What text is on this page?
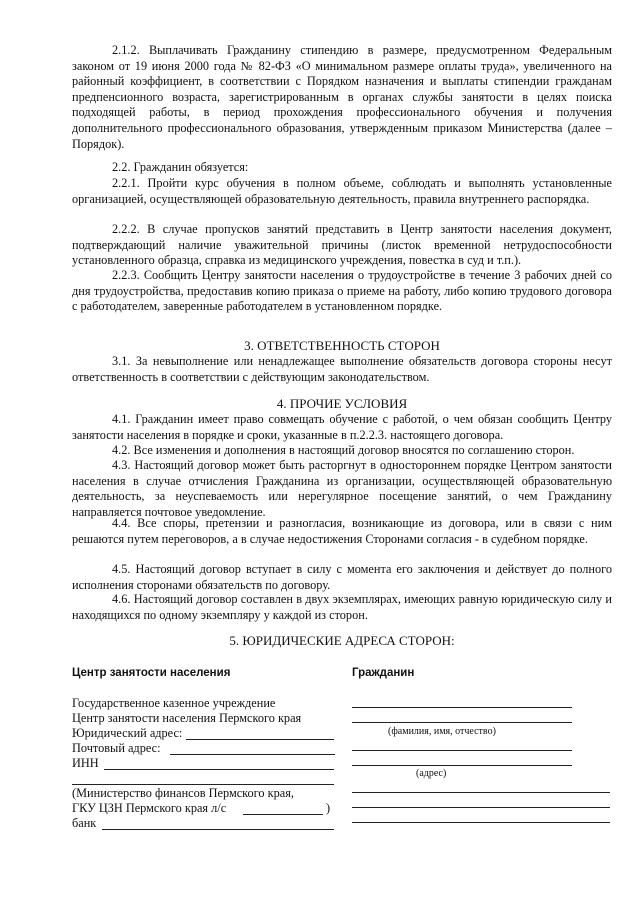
2.1.2. Выплачивать Гражданину стипендию в размере, предусмотренном Федеральным законом от 19 июня 2000 года № 82-ФЗ «О минимальном размере оплаты труда», увеличенного на районный коэффициент, в соответствии с Порядком назначения и выплаты стипендии гражданам предпенсионного возраста, зарегистрированным в органах службы занятости в целях поиска подходящей работы, в период прохождения профессионального обучения и получения дополнительного профессионального образования, утвержденным приказом Министерства (далее – Порядок).
2.2. Гражданин обязуется:
2.2.1. Пройти курс обучения в полном объеме, соблюдать и выполнять установленные организацией, осуществляющей образовательную деятельность, правила внутреннего распорядка.
2.2.2. В случае пропусков занятий представить в Центр занятости населения документ, подтверждающий наличие уважительной причины (листок временной нетрудоспособности установленного образца, справка из медицинского учреждения, повестка в суд и т.п.).
2.2.3. Сообщить Центру занятости населения о трудоустройстве в течение 3 рабочих дней со дня трудоустройства, предоставив копию приказа о приеме на работу, либо копию трудового договора с работодателем, заверенные работодателем в установленном порядке.
3. ОТВЕТСТВЕННОСТЬ СТОРОН
3.1. За невыполнение или ненадлежащее выполнение обязательств договора стороны несут ответственность в соответствии с действующим законодательством.
4. ПРОЧИЕ УСЛОВИЯ
4.1. Гражданин имеет право совмещать обучение с работой, о чем обязан сообщить Центру занятости населения в порядке и сроки, указанные в п.2.2.3. настоящего договора.
4.2. Все изменения и дополнения в настоящий договор вносятся по соглашению сторон.
4.3. Настоящий договор может быть расторгнут в одностороннем порядке Центром занятости населения в случае отчисления Гражданина из организации, осуществляющей образовательную деятельность, за неуспеваемость или нерегулярное посещение занятий, о чем Гражданину направляется почтовое уведомление.
4.4. Все споры, претензии и разногласия, возникающие из договора, или в связи с ним решаются путем переговоров, а в случае недостижения Сторонами согласия - в судебном порядке.
4.5. Настоящий договор вступает в силу с момента его заключения и действует до полного исполнения сторонами обязательств по договору.
4.6. Настоящий договор составлен в двух экземплярах, имеющих равную юридическую силу и находящихся по одному экземпляру у каждой из сторон.
5. ЮРИДИЧЕСКИЕ АДРЕСА СТОРОН:
Центр занятости населения
Государственное казенное учреждение
Центр занятости населения Пермского края
Юридический адрес:
Почтовый адрес:
ИНН
(Министерство финансов Пермского края,
ГКУ ЦЗН Пермского края л/с	)
банк
Гражданин
(фамилия, имя, отчество)
(адрес)
